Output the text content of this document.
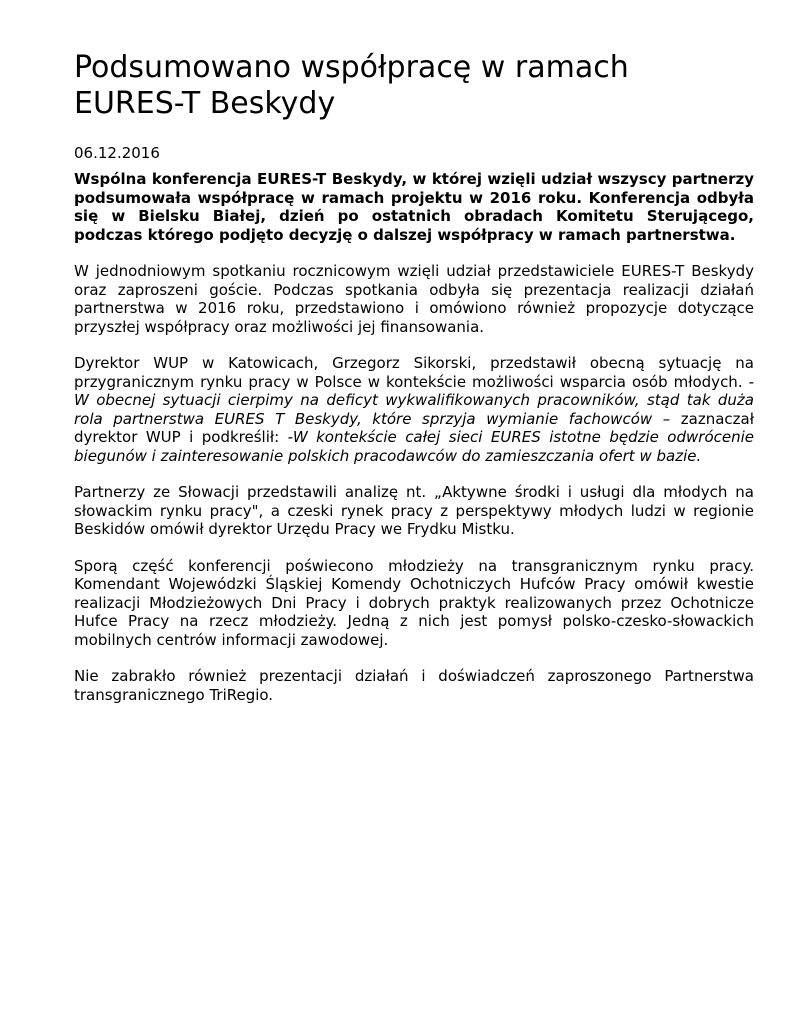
Podsumowano współpracę w ramach
EURES-T Beskydy

06.12.2016

Wspólna konferencja EURES-T Beskydy, w której wzięli udział wszyscy partnerzy podsumowała współpracę w ramach projektu w 2016 roku. Konferencja odbyła się w Bielsku Białej, dzień po ostatnich obradach Komitetu Sterującego, podczas którego podjęto decyzję o dalszej współpracy w ramach partnerstwa.

W jednodniowym spotkaniu rocznicowym wzięli udział przedstawiciele EURES-T Beskydy oraz zaproszeni goście. Podczas spotkania odbyła się prezentacja realizacji działań partnerstwa w 2016 roku, przedstawiono i omówiono również propozycje dotyczące przyszłej współpracy oraz możliwości jej finansowania.

Dyrektor WUP w Katowicach, Grzegorz Sikorski, przedstawił obecną sytuację na przygranicznym rynku pracy w Polsce w kontekście możliwości wsparcia osób młodych. -W obecnej sytuacji cierpimy na deficyt wykwalifikowanych pracowników, stąd tak duża rola partnerstwa EURES T Beskydy, które sprzyja wymianie fachowców – zaznaczał dyrektor WUP i podkreślił: -W kontekście całej sieci EURES istotne będzie odwrócenie biegunów i zainteresowanie polskich pracodawców do zamieszczania ofert w bazie.

Partnerzy ze Słowacji przedstawili analizę nt. „Aktywne środki i usługi dla młodych na słowackim rynku pracy", a czeski rynek pracy z perspektywy młodych ludzi w regionie Beskidów omówił dyrektor Urzędu Pracy we Frydku Mistku.

Sporą część konferencji poświecono młodzieży na transgranicznym rynku pracy. Komendant Wojewódzki Śląskiej Komendy Ochotniczych Hufców Pracy omówił kwestie realizacji Młodzieżowych Dni Pracy i dobrych praktyk realizowanych przez Ochotnicze Hufce Pracy na rzecz młodzieży. Jedną z nich jest pomysł polsko-czesko-słowackich mobilnych centrów informacji zawodowej.

Nie zabrakło również prezentacji działań i doświadczeń zaproszonego Partnerstwa transgranicznego TriRegio.
